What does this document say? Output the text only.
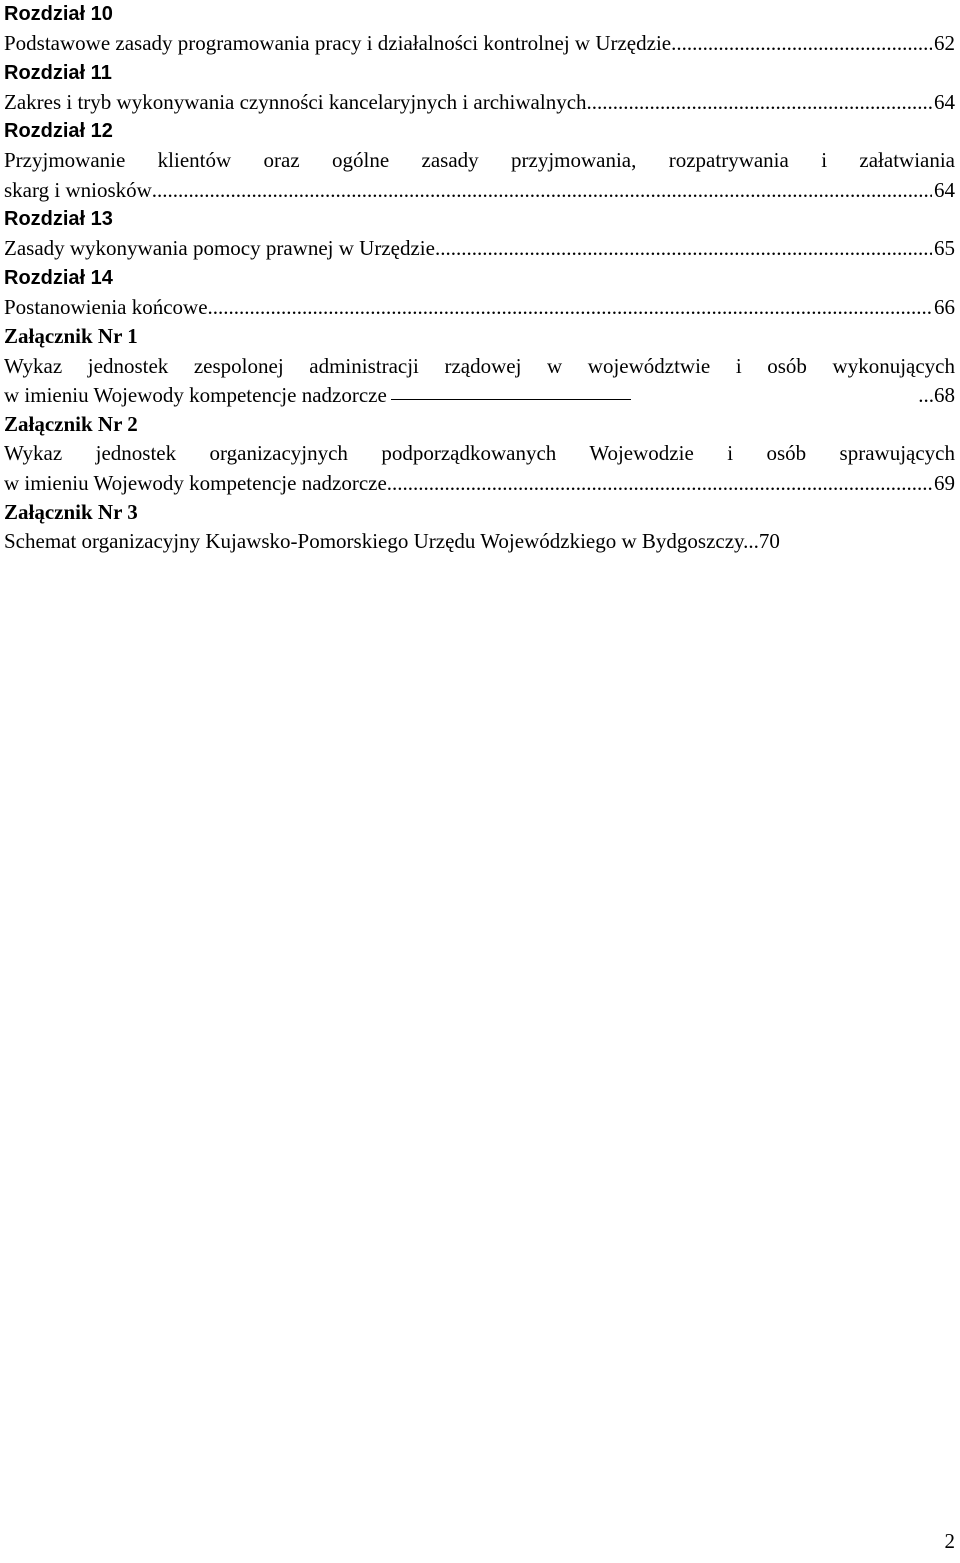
Rozdział 10
Podstawowe zasady programowania pracy i działalności kontrolnej w Urzędzie .....	62
Rozdział 11
Zakres i tryb wykonywania czynności kancelaryjnych i archiwalnych .....	64
Rozdział 12
Przyjmowanie klientów oraz ogólne zasady przyjmowania, rozpatrywania i załatwiania
skarg i wniosków .....	64
Rozdział 13
Zasady wykonywania pomocy prawnej w Urzędzie .....	65
Rozdział 14
Postanowienia końcowe .....	66
Załącznik Nr 1
Wykaz jednostek zespolonej administracji rządowej w województwie i osób wykonujących
w imieniu Wojewody kompetencje nadzorcze	...68
Załącznik Nr 2
Wykaz jednostek organizacyjnych podporządkowanych Wojewodzie i osób sprawujących
w imieniu Wojewody kompetencje nadzorcze .....	69
Załącznik Nr 3
Schemat organizacyjny Kujawsko-Pomorskiego Urzędu Wojewódzkiego w Bydgoszczy...70
2
